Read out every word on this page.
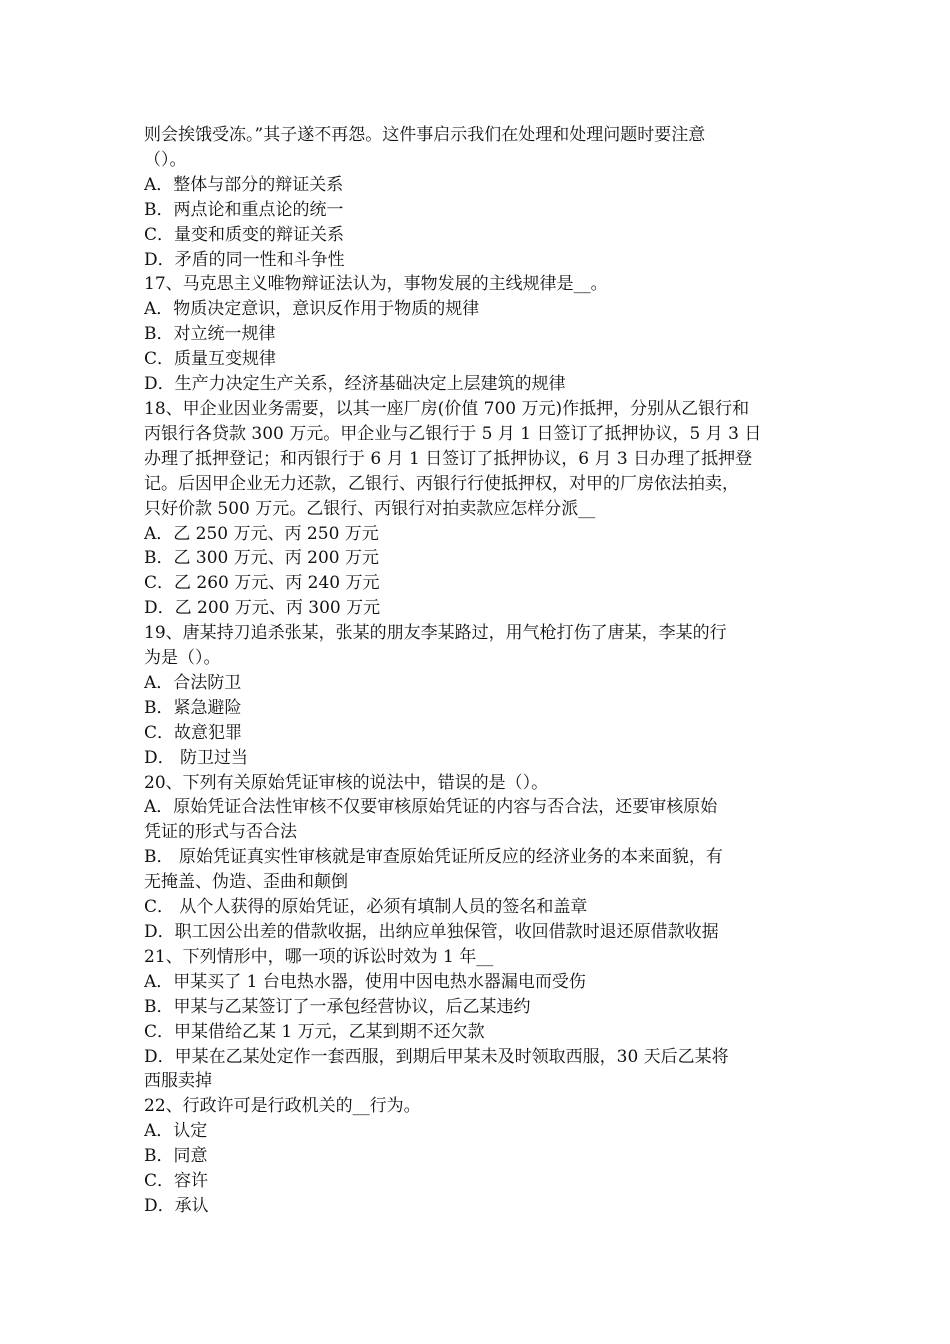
则会挨饿受冻。”其子遂不再怨。这件事启示我们在处理和处理问题时要注意
（）。
A．整体与部分的辩证关系
B．两点论和重点论的统一
C．量变和质变的辩证关系
D．矛盾的同一性和斗争性
17、马克思主义唯物辩证法认为，事物发展的主线规律是__。
A．物质决定意识，意识反作用于物质的规律
B．对立统一规律
C．质量互变规律
D．生产力决定生产关系，经济基础决定上层建筑的规律
18、甲企业因业务需要，以其一座厂房(价值 700 万元)作抵押，分别从乙银行和
丙银行各贷款 300 万元。甲企业与乙银行于 5 月 1 日签订了抵押协议，5 月 3 日
办理了抵押登记；和丙银行于 6 月 1 日签订了抵押协议，6 月 3 日办理了抵押登
记。后因甲企业无力还款，乙银行、丙银行行使抵押权，对甲的厂房依法拍卖，
只好价款 500 万元。乙银行、丙银行对拍卖款应怎样分派__
A．乙 250 万元、丙 250 万元
B．乙 300 万元、丙 200 万元
C．乙 260 万元、丙 240 万元
D．乙 200 万元、丙 300 万元
19、唐某持刀追杀张某，张某的朋友李某路过，用气枪打伤了唐某，李某的行
为是（）。
A．合法防卫
B．紧急避险
C．故意犯罪
D． 防卫过当
20、下列有关原始凭证审核的说法中，错误的是（）。
A．原始凭证合法性审核不仅要审核原始凭证的内容与否合法，还要审核原始
凭证的形式与否合法
B． 原始凭证真实性审核就是审查原始凭证所反应的经济业务的本来面貌，有
无掩盖、伪造、歪曲和颠倒
C． 从个人获得的原始凭证，必须有填制人员的签名和盖章
D．职工因公出差的借款收据，出纳应单独保管，收回借款时退还原借款收据
21、下列情形中，哪一项的诉讼时效为 1 年__
A．甲某买了 1 台电热水器，使用中因电热水器漏电而受伤
B．甲某与乙某签订了一承包经营协议，后乙某违约
C．甲某借给乙某 1 万元，乙某到期不还欠款
D．甲某在乙某处定作一套西服，到期后甲某未及时领取西服，30 天后乙某将
西服卖掉
22、行政许可是行政机关的__行为。
A．认定
B．同意
C．容许
D．承认
